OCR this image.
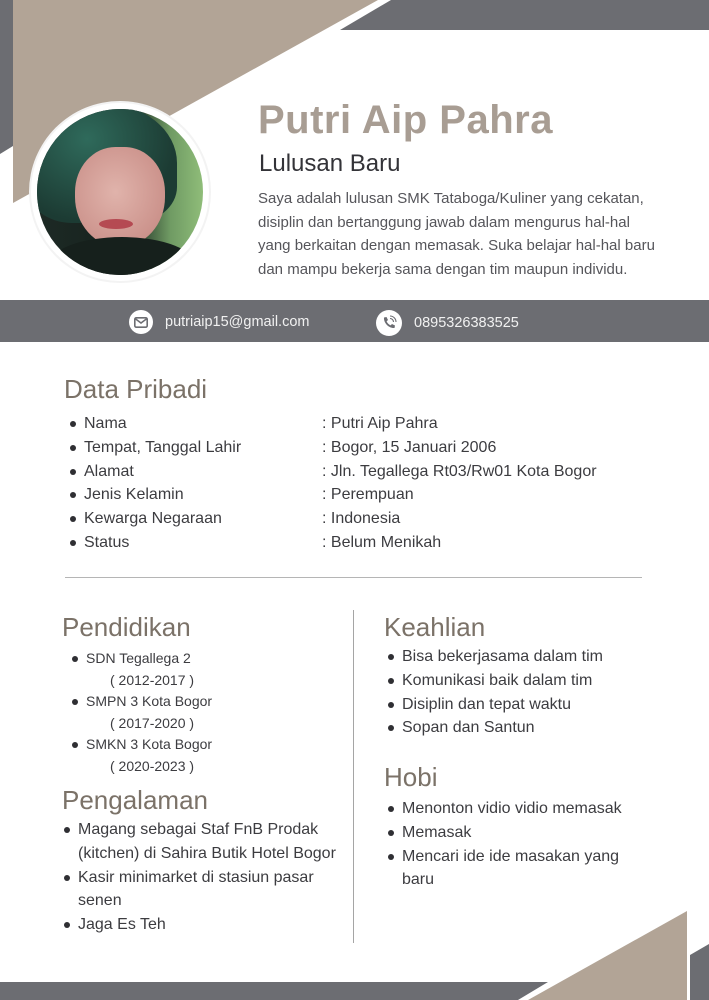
Putri Aip Pahra
Lulusan Baru
Saya adalah lulusan SMK Tataboga/Kuliner yang cekatan, disiplin dan bertanggung jawab dalam mengurus hal-hal yang berkaitan dengan memasak. Suka belajar hal-hal baru dan mampu bekerja sama dengan tim maupun individu.
putriaip15@gmail.com	0895326383525
Data Pribadi
Nama
Tempat, Tanggal Lahir
Alamat
Jenis Kelamin
Kewarga Negaraan
Status
: Putri Aip Pahra
: Bogor, 15 Januari 2006
: Jln. Tegallega Rt03/Rw01 Kota Bogor
: Perempuan
: Indonesia
: Belum Menikah
Pendidikan
SDN Tegallega 2
( 2012-2017 )
SMPN 3 Kota Bogor
( 2017-2020 )
SMKN 3 Kota Bogor
( 2020-2023 )
Pengalaman
Magang sebagai Staf FnB Prodak (kitchen) di Sahira Butik Hotel Bogor
Kasir minimarket di stasiun pasar senen
Jaga Es Teh
Keahlian
Bisa bekerjasama dalam tim
Komunikasi baik dalam tim
Disiplin dan tepat waktu
Sopan dan Santun
Hobi
Menonton vidio vidio memasak
Memasak
Mencari ide ide masakan yang baru
